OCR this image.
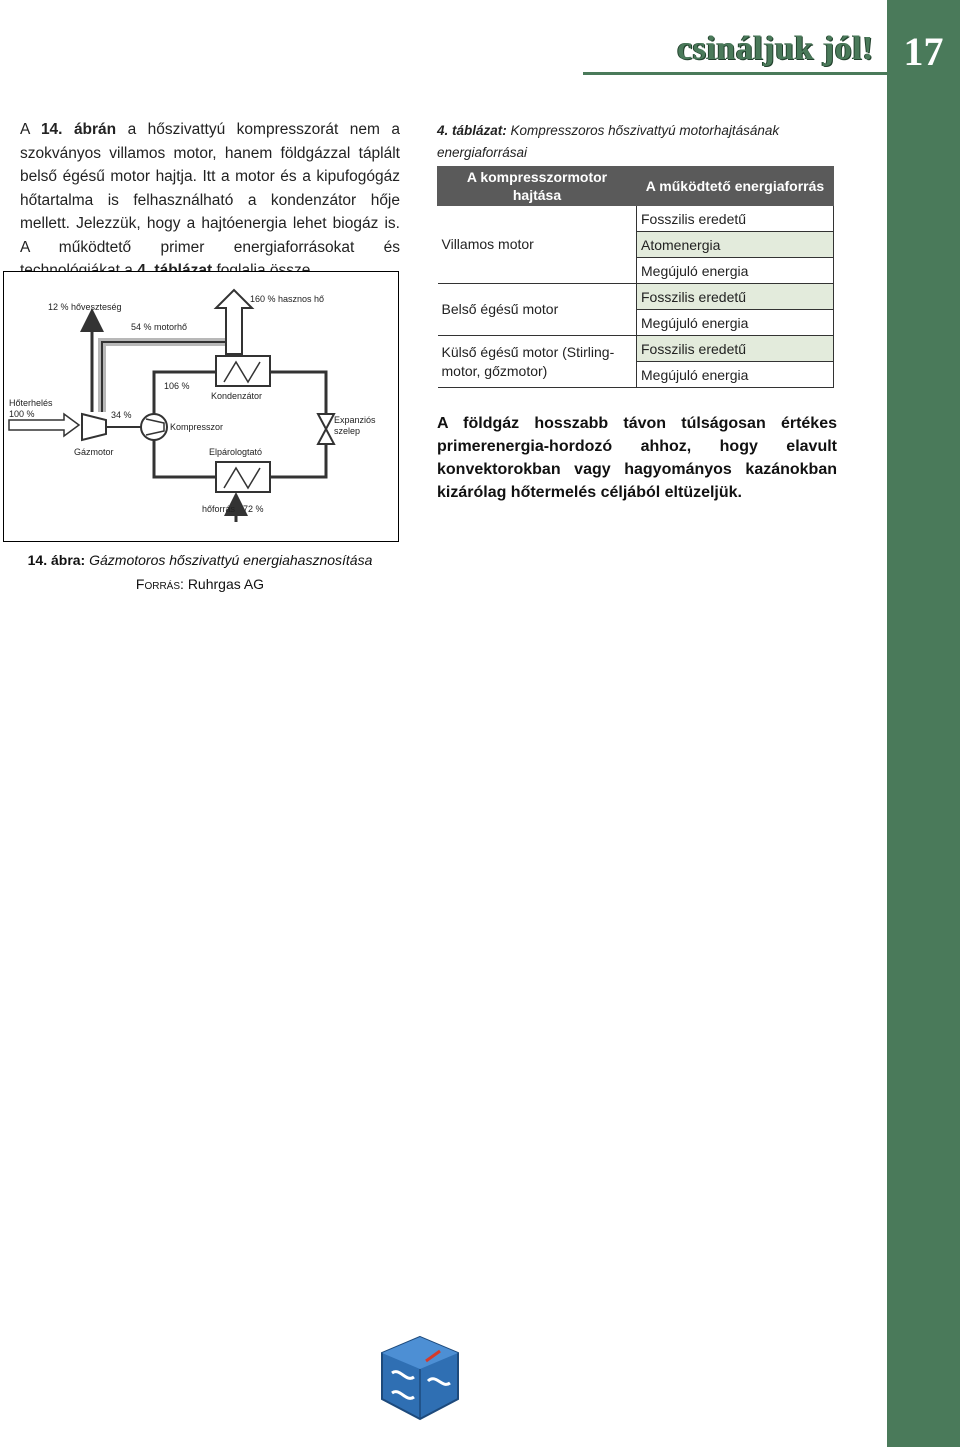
17
csináljuk jól!

A 14. ábrán a hőszivattyú kompresszorát nem a szokványos villamos motor, hanem földgázzal táplált belső égésű motor hajtja. Itt a motor és a kipufogógáz hőtartalma is felhasználható a kondenzátor hője mellett. Jelezzük, hogy a hajtóenergia lehet biogáz is. A működtető primer energiaforrásokat és

12 % hőveszteség
54 % motorhő
160 % hasznos hő
Hőterhelés
100 %
Gázmotor
34 %
106 %
Kondenzátor
Kompresszor
Expanziós
szelep
Elpárologtató
hőforrás 72 %
14. ábra: Gázmotoros hőszivattyú energiahasznosítása
Forrás: Ruhrgas AG
4. táblázat: Kompresszoros hőszivattyú motorhajtásának energiaforrásai
A kompresszormotor hajtása	A működtető energiaforrás
Villamos motor	Fosszilis eredetű
	Atomenergia
	Megújuló energia
Belső égésű motor	Fosszilis eredetű
	Megújuló energia
Külső égésű motor (Stirling-motor, gőzmotor)	Fosszilis eredetű
	Megújuló energia

A földgáz hosszabb távon túlságosan értékes primerenergia-hordozó ahhoz, hogy elavult konvektorokban vagy hagyományos kazánokban kizárólag hőtermelés céljából eltüzeljük.
